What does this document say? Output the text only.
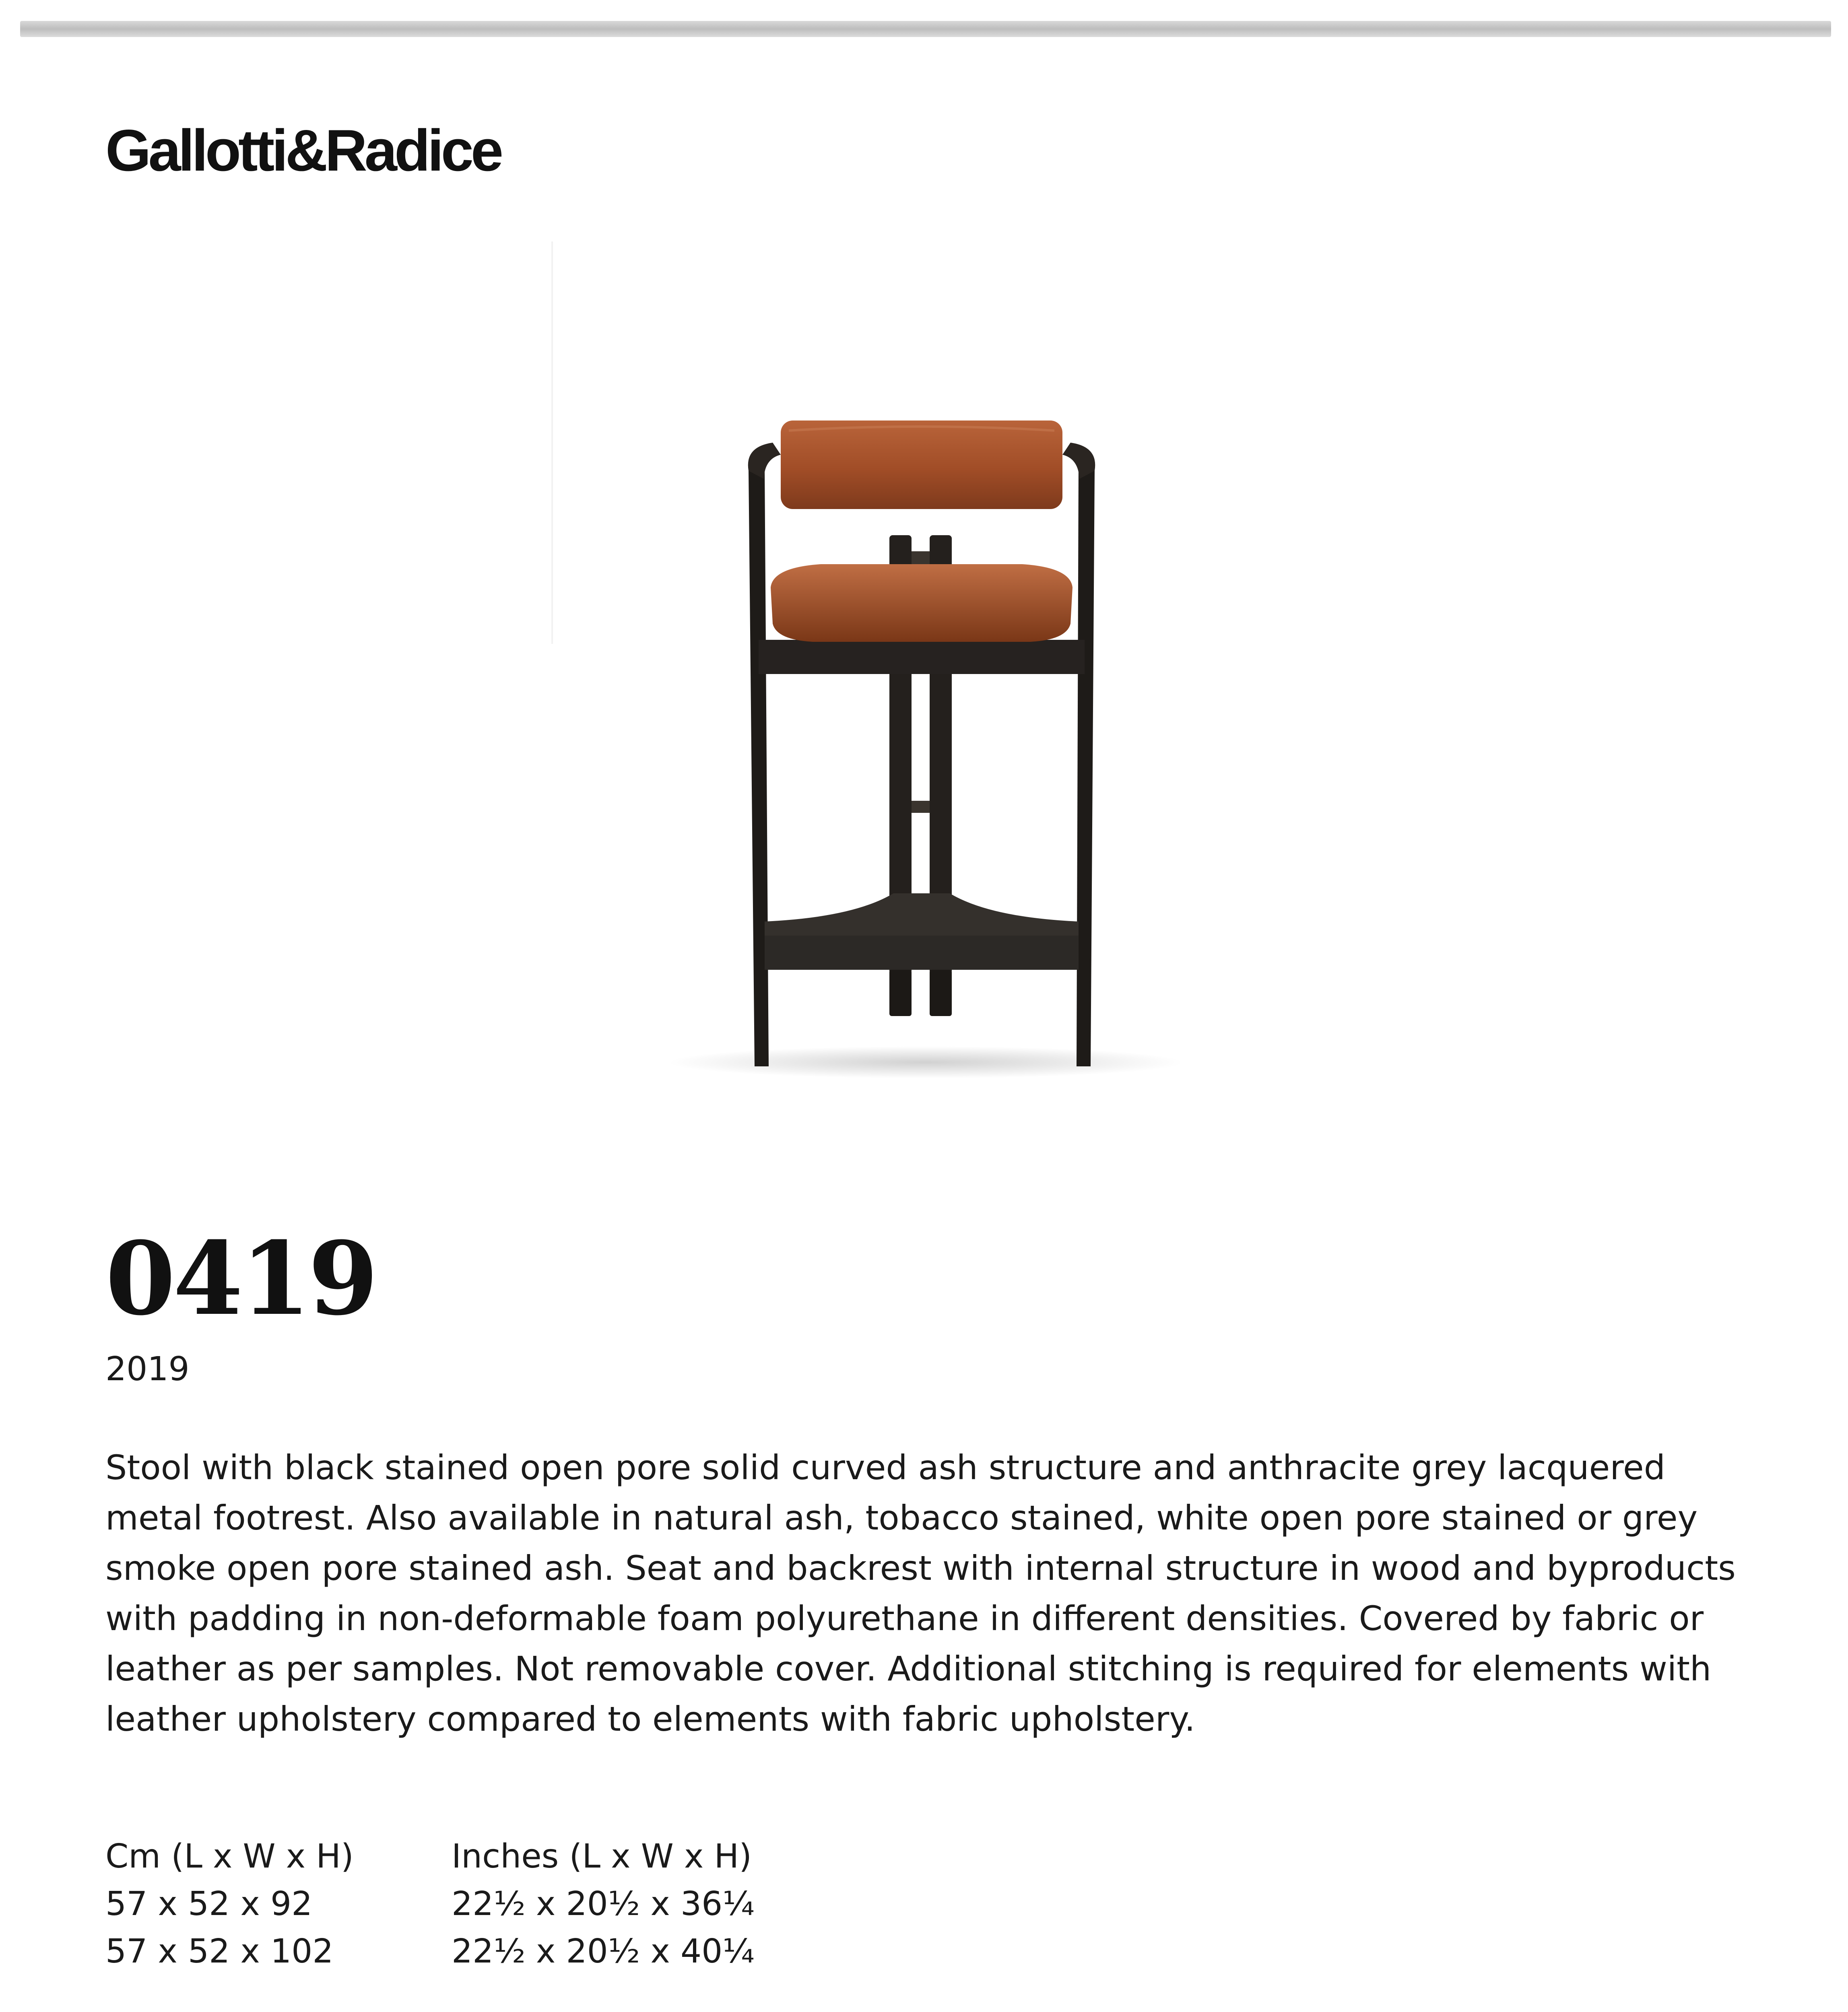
Gallotti&Radice
0419
2019

Stool with black stained open pore solid curved ash structure and anthracite grey lacquered metal footrest. Also available in natural ash, tobacco stained, white open pore stained or grey smoke open pore stained ash. Seat and backrest with internal structure in wood and byproducts with padding in non-deformable foam polyurethane in different densities. Covered by fabric or leather as per samples. Not removable cover. Additional stitching is required for elements with leather upholstery compared to elements with fabric upholstery.

Cm (L x W x H)
57 x 52 x 92
57 x 52 x 102
Inches (L x W x H)
22½ x 20½ x 36¼
22½ x 20½ x 40¼
